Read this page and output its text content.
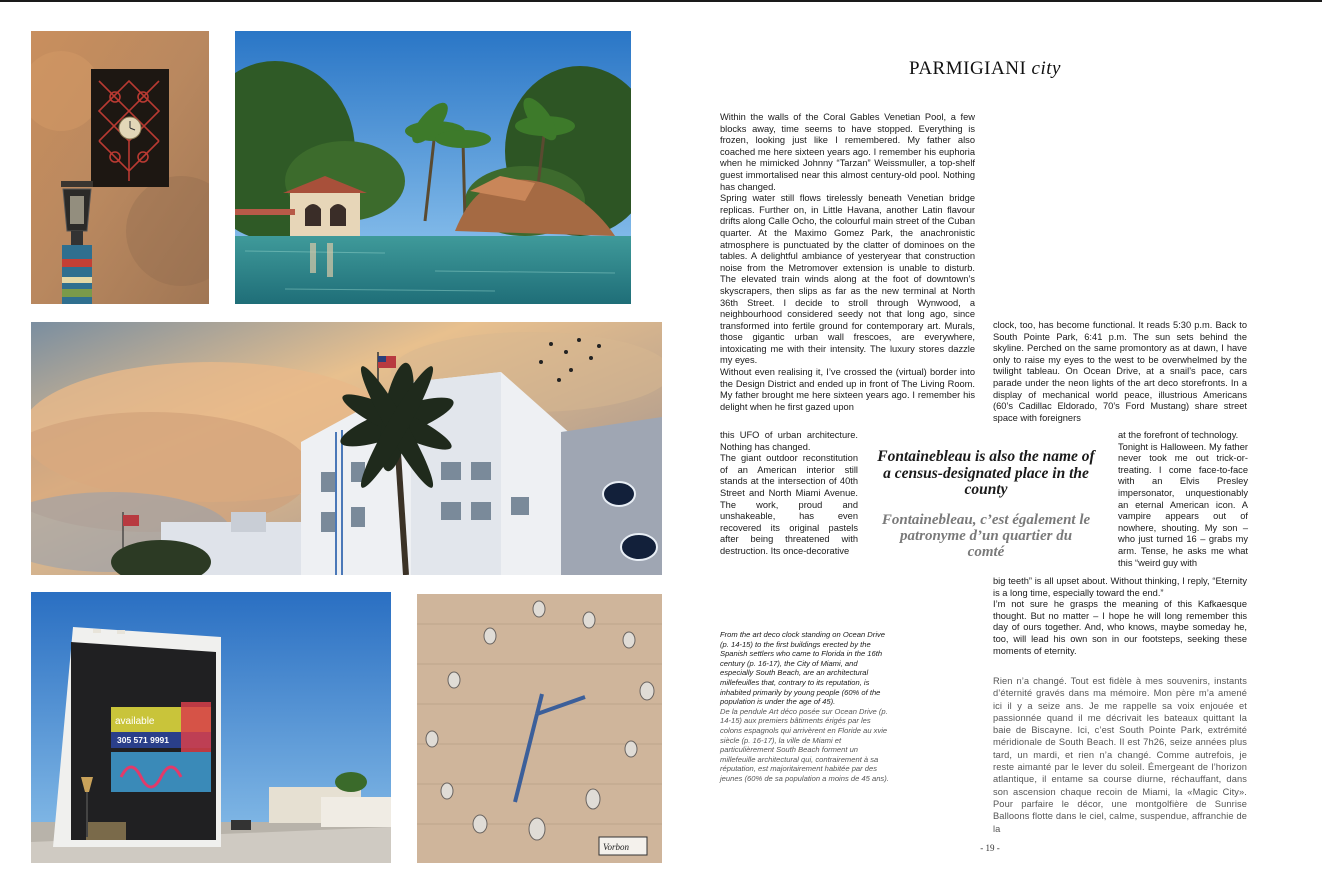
available
305 571 9991
Vorbon
PARMIGIANI city

Within the walls of the Coral Gables Venetian Pool, a few blocks away, time seems to have stopped. Everything is frozen, looking just like I remembered. My father also coached me here sixteen years ago. I remember his euphoria when he mimicked Johnny “Tarzan” Weissmuller, a top-shelf guest immortalised near this almost century-old pool. Nothing has changed.

Spring water still flows tirelessly beneath Venetian bridge replicas. Further on, in Little Havana, another Latin flavour drifts along Calle Ocho, the colourful main street of the Cuban quarter. At the Maximo Gomez Park, the anachronistic atmosphere is punctuated by the clatter of dominoes on the tables. A delightful ambiance of yesteryear that construction noise from the Metromover extension is unable to disturb. The elevated train winds along at the foot of downtown’s skyscrapers, then slips as far as the new terminal at North 36th Street. I decide to stroll through Wynwood, a neighbourhood considered seedy not that long ago, since transformed into fertile ground for contemporary art. Murals, those gigantic urban wall frescoes, are everywhere, intoxicating me with their intensity. The luxury stores dazzle my eyes.

Without even realising it, I’ve crossed the (virtual) border into the Design District and ended up in front of The Living Room. My father brought me here sixteen years ago. I remember his delight when he first gazed upon

this UFO of urban architecture. Nothing has changed.

The giant outdoor reconstitution of an American interior still stands at the intersection of 40th Street and North Miami Avenue. The work, proud and unshakeable, has even recovered its original pastels after being threatened with destruction. Its once-decorative

clock, too, has become functional. It reads 5:30 p.m. Back to South Pointe Park, 6:41 p.m. The sun sets behind the skyline. Perched on the same promontory as at dawn, I have only to raise my eyes to the west to be overwhelmed by the twilight tableau. On Ocean Drive, at a snail’s pace, cars parade under the neon lights of the art deco storefronts. In a display of mechanical world peace, illustrious Americans (60’s Cadillac Eldorado, 70’s Ford Mustang) share street space with foreigners

at the forefront of technology.

Tonight is Halloween. My father never took me out trick-or-treating. I come face-to-face with an Elvis Presley impersonator, unquestionably an eternal American icon. A vampire appears out of nowhere, shouting. My son – who just turned 16 – grabs my arm. Tense, he asks me what this “weird guy with

big teeth” is all upset about. Without thinking, I reply, “Eternity is a long time, especially toward the end.”

I’m not sure he grasps the meaning of this Kafkaesque thought. But no matter – I hope he will long remember this day of ours together. And, who knows, maybe someday he, too, will lead his own son in our footsteps, seeking these moments of eternity.

Fontainebleau is also the name of a census-designated place in the county
Fontainebleau, c’est également le patronyme d’un quartier du comté

Rien n’a changé. Tout est fidèle à mes souvenirs, instants d’éternité gravés dans ma mémoire. Mon père m’a amené ici il y a seize ans. Je me rappelle sa voix enjouée et passionnée quand il me décrivait les bateaux quittant la baie de Biscayne. Ici, c’est South Pointe Park, extrémité méridionale de South Beach. Il est 7h26, seize années plus tard, un mardi, et rien n’a changé. Comme autrefois, je reste aimanté par le lever du soleil. Émergeant de l’horizon atlantique, il entame sa course diurne, réchauffant, dans son ascension chaque recoin de Miami, la «Magic City». Pour parfaire le décor, une montgolfière de Sunrise Balloons flotte dans le ciel, calme, suspendue, affranchie de la

From the art deco clock standing on Ocean Drive (p. 14-15) to the first buildings erected by the Spanish settlers who came to Florida in the 16th century (p. 16-17), the City of Miami, and especially South Beach, are an architectural millefeuilles that, contrary to its reputation, is inhabited primarily by young people (60% of the population is under the age of 45).

De la pendule Art déco posée sur Ocean Drive (p. 14-15) aux premiers bâtiments érigés par les colons espagnols qui arrivèrent en Floride au xvie siècle (p. 16-17), la ville de Miami et particulièrement South Beach forment un millefeuille architectural qui, contrairement à sa réputation, est majoritairement habitée par des jeunes (60% de sa population a moins de 45 ans).

- 19 -
